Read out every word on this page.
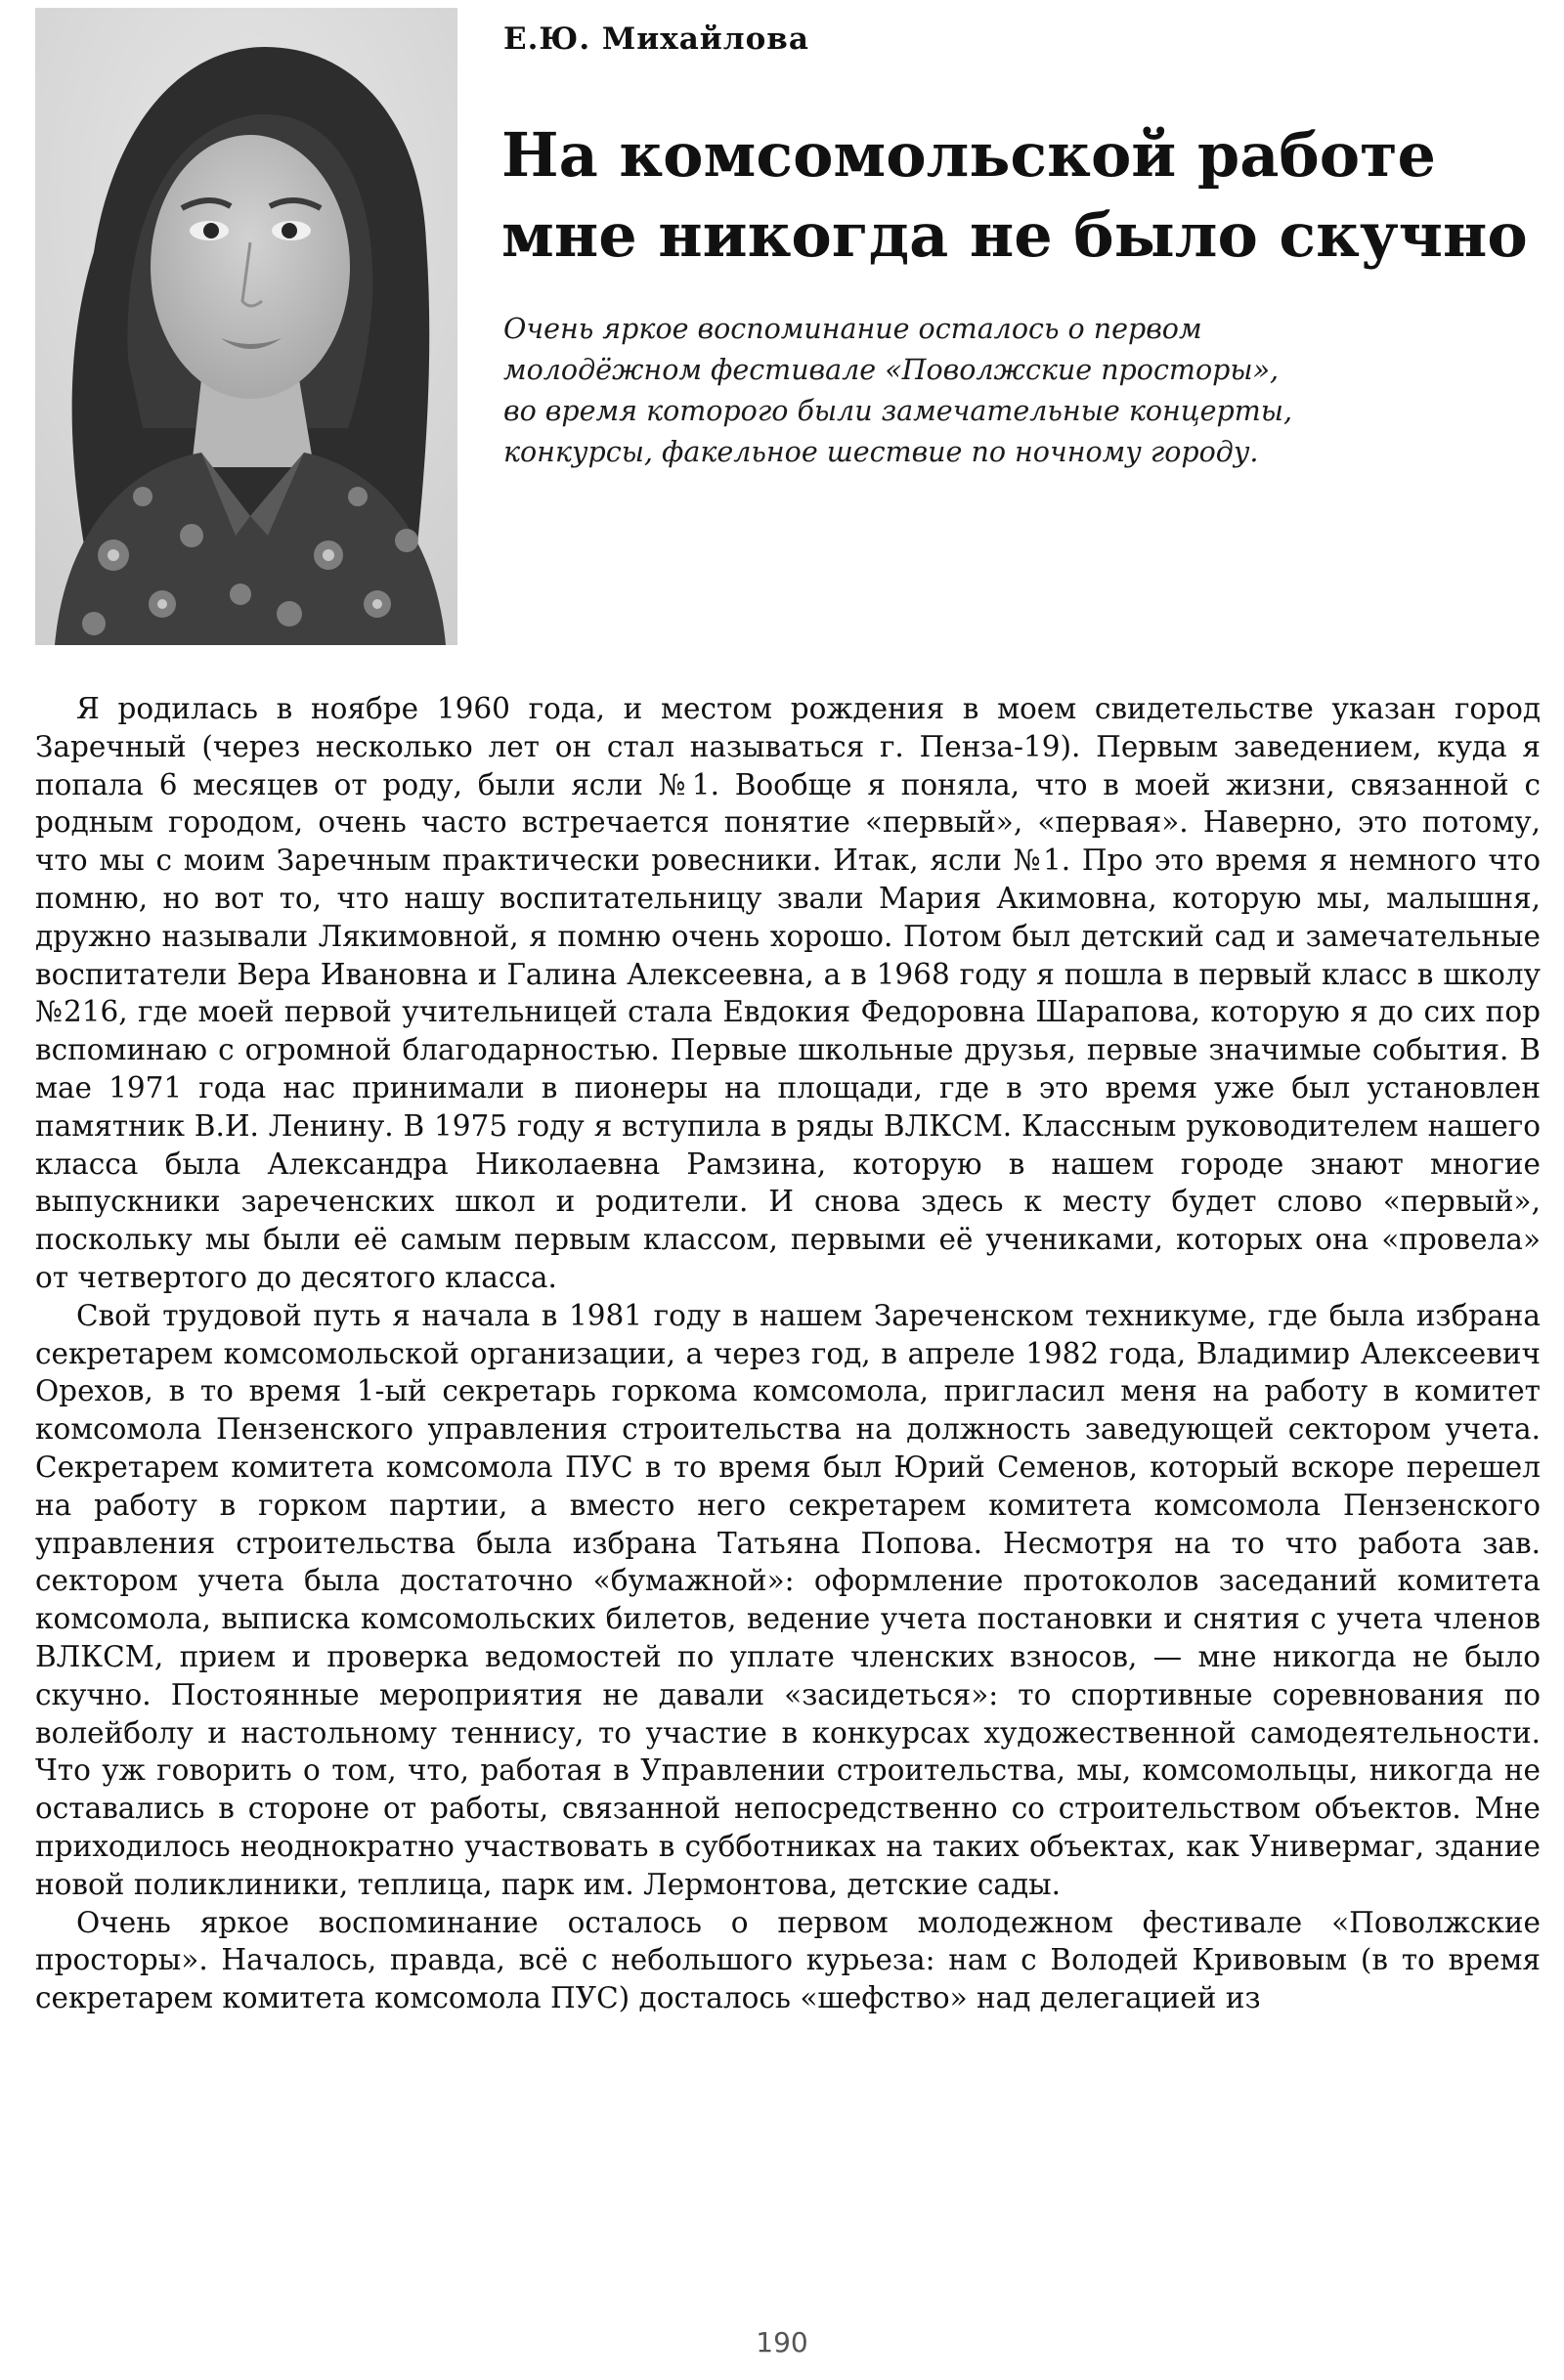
Е.Ю. Михайлова
На комсомольской работе
мне никогда не было скучно
Очень яркое воспоминание осталось о первом
молодёжном фестивале «Поволжские просторы»,
во время которого были замечательные концерты,
конкурсы, факельное шествие по ночному городу.

Я родилась в ноябре 1960 года, и местом рождения в моем свидетельстве указан город Заречный (через несколько лет он стал называться г. Пенза-19). Первым заведением, куда я попала 6 месяцев от роду, были ясли №1. Вообще я поняла, что в моей жизни, связанной с родным городом, очень часто встречается понятие «первый», «первая». Наверно, это потому, что мы с моим Заречным практически ровесники. Итак, ясли №1. Про это время я немного что помню, но вот то, что нашу воспитательницу звали Мария Акимовна, которую мы, малышня, дружно называли Лякимовной, я помню очень хорошо. Потом был детский сад и замечательные воспитатели Вера Ивановна и Галина Алексеевна, а в 1968 году я пошла в первый класс в школу №216, где моей первой учительницей стала Евдокия Федоровна Шарапова, которую я до сих пор вспоминаю с огромной благодарностью. Первые школьные друзья, первые значимые события. В мае 1971 года нас принимали в пионеры на площади, где в это время уже был установлен памятник В.И. Ленину. В 1975 году я вступила в ряды ВЛКСМ. Классным руководителем нашего класса была Александра Николаевна Рамзина, которую в нашем городе знают многие выпускники зареченских школ и родители. И снова здесь к месту будет слово «первый», поскольку мы были её самым первым классом, первыми её учениками, которых она «провела» от четвертого до десятого класса.

Свой трудовой путь я начала в 1981 году в нашем Зареченском техникуме, где была избрана секретарем комсомольской организации, а через год, в апреле 1982 года, Владимир Алексеевич Орехов, в то время 1-ый секретарь горкома комсомола, пригласил меня на работу в комитет комсомола Пензенского управления строительства на должность заведующей сектором учета. Секретарем комитета комсомола ПУС в то время был Юрий Семенов, который вскоре перешел на работу в горком партии, а вместо него секретарем комитета комсомола Пензенского управления строительства была избрана Татьяна Попова. Несмотря на то что работа зав. сектором учета была достаточно «бумажной»: оформление протоколов заседаний комитета комсомола, выписка комсомольских билетов, ведение учета постановки и снятия с учета членов ВЛКСМ, прием и проверка ведомостей по уплате членских взносов, — мне никогда не было скучно. Постоянные мероприятия не давали «засидеться»: то спортивные соревнования по волейболу и настольному теннису, то участие в конкурсах художественной самодеятельности. Что уж говорить о том, что, работая в Управлении строительства, мы, комсомольцы, никогда не оставались в стороне от работы, связанной непосредственно со строительством объектов. Мне приходилось неоднократно участвовать в субботниках на таких объектах, как Универмаг, здание новой поликлиники, теплица, парк им. Лермонтова, детские сады.

Очень яркое воспоминание осталось о первом молодежном фестивале «Поволжские просторы». Началось, правда, всё с небольшого курьеза: нам с Володей Кривовым (в то время секретарем комитета комсомола ПУС) досталось «шефство» над делегацией из

190
